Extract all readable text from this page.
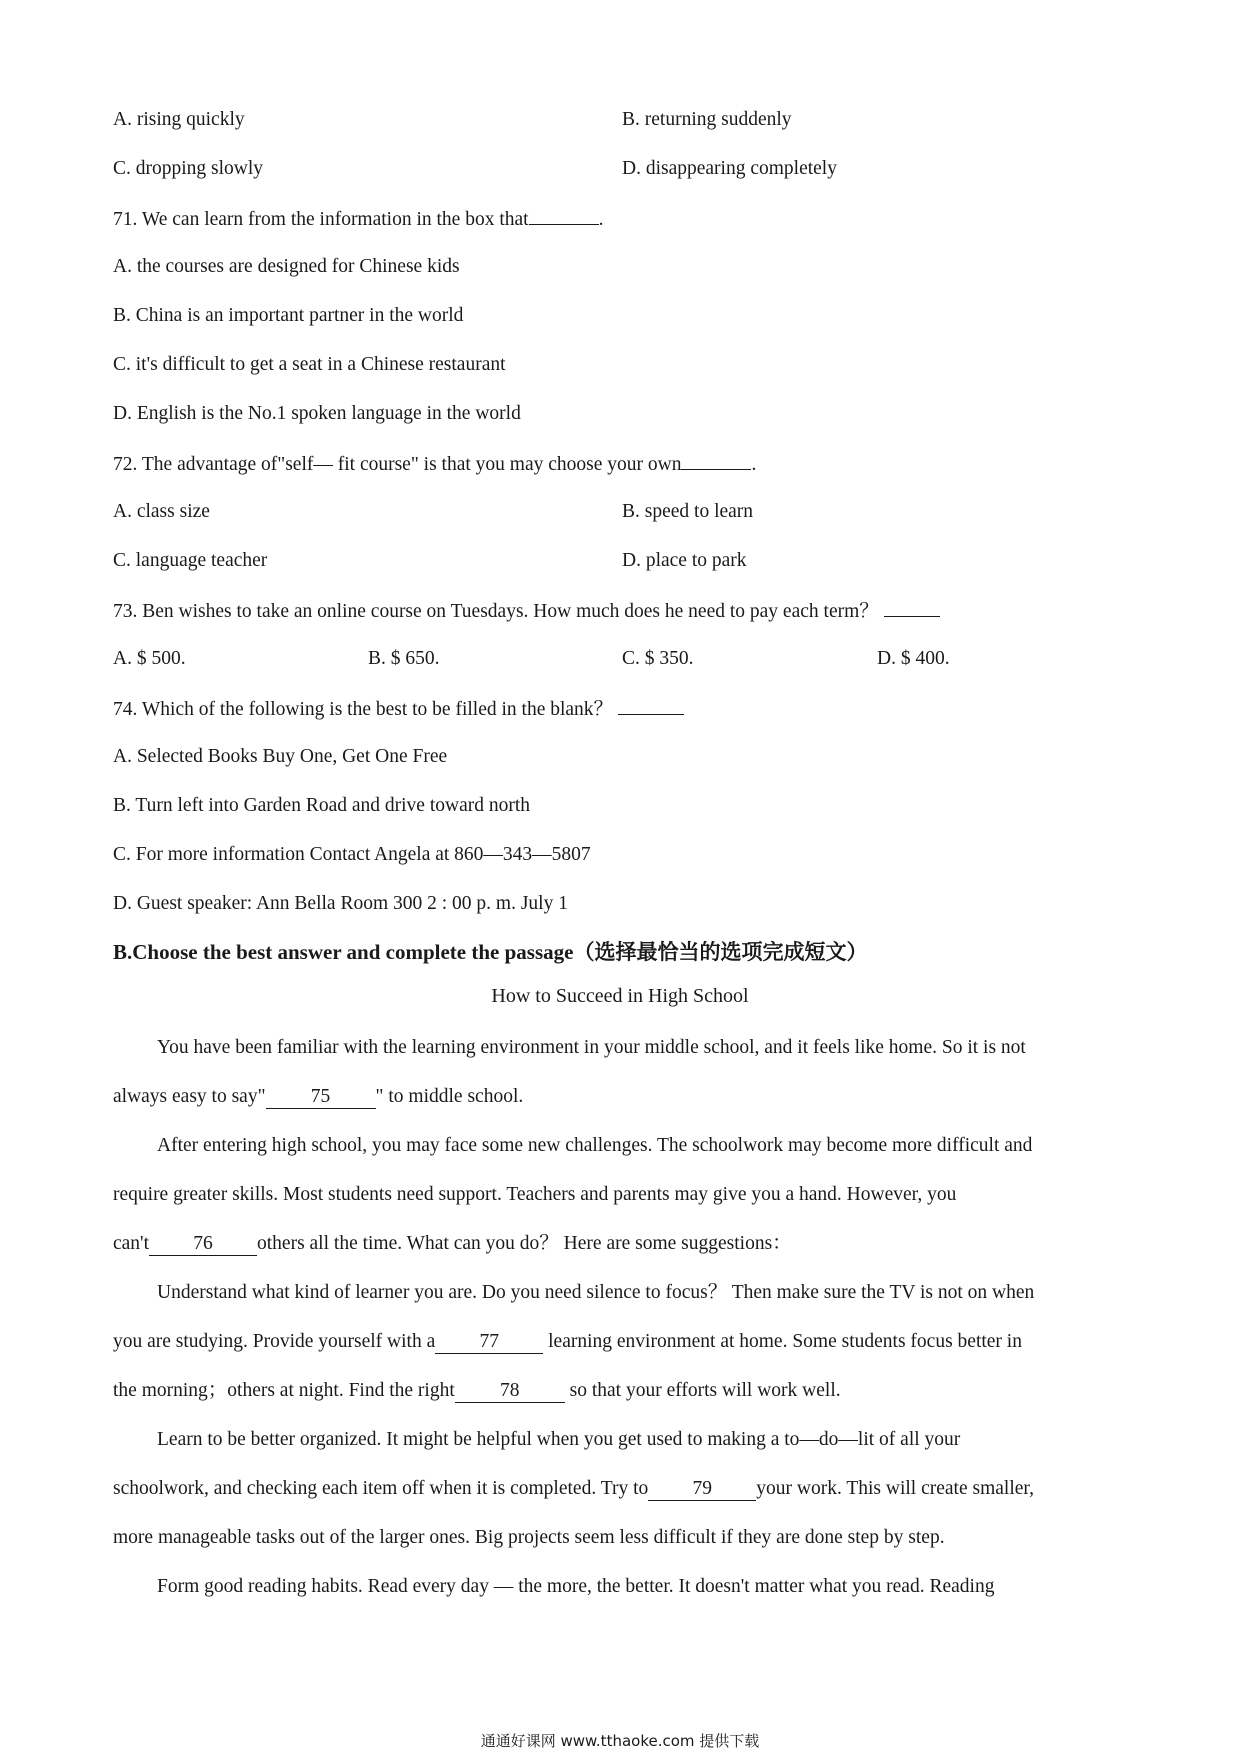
A. rising quickly	B. returning suddenly
C. dropping slowly	D. disappearing completely
71. We can learn from the information in the box that	.
A. the courses are designed for Chinese kids
B. China is an important partner in the world
C. it's difficult to get a seat in a Chinese restaurant
D. English is the No.1 spoken language in the world
72. The advantage of"self— fit course" is that you may choose your own	.
A. class size	B. speed to learn
C. language teacher	D. place to park
73. Ben wishes to take an online course on Tuesdays. How much does he need to pay each term？
A. $ 500.	B. $ 650.	C. $ 350.	D. $ 400.
74. Which of the following is the best to be filled in the blank？
A. Selected Books Buy One, Get One Free
B. Turn left into Garden Road and drive toward north
C. For more information Contact Angela at 860—343—5807
D. Guest speaker: Ann Bella Room 300 2 : 00 p. m. July 1
B.Choose the best answer and complete the passage（选择最恰当的选项完成短文）
How to Succeed in High School
You have been familiar with the learning environment in your middle school, and it feels like home. So it is not
always easy to say" 75 " to middle school.
After entering high school, you may face some new challenges. The schoolwork may become more difficult and
require greater skills. Most students need support. Teachers and parents may give you a hand. However, you
can't 76 others all the time. What can you do？ Here are some suggestions：
Understand what kind of learner you are. Do you need silence to focus？ Then make sure the TV is not on when
you are studying. Provide yourself with a 77	learning environment at home. Some students focus better in
the morning；others at night. Find the right 78	so that your efforts will work well.
Learn to be better organized. It might be helpful when you get used to making a to—do—lit of all your
schoolwork, and checking each item off when it is completed. Try to 79 your work. This will create smaller,
more manageable tasks out of the larger ones. Big projects seem less difficult if they are done step by step.
Form good reading habits. Read every day — the more, the better. It doesn't matter what you read. Reading
通通好课网 www.tthaoke.com 提供下载
